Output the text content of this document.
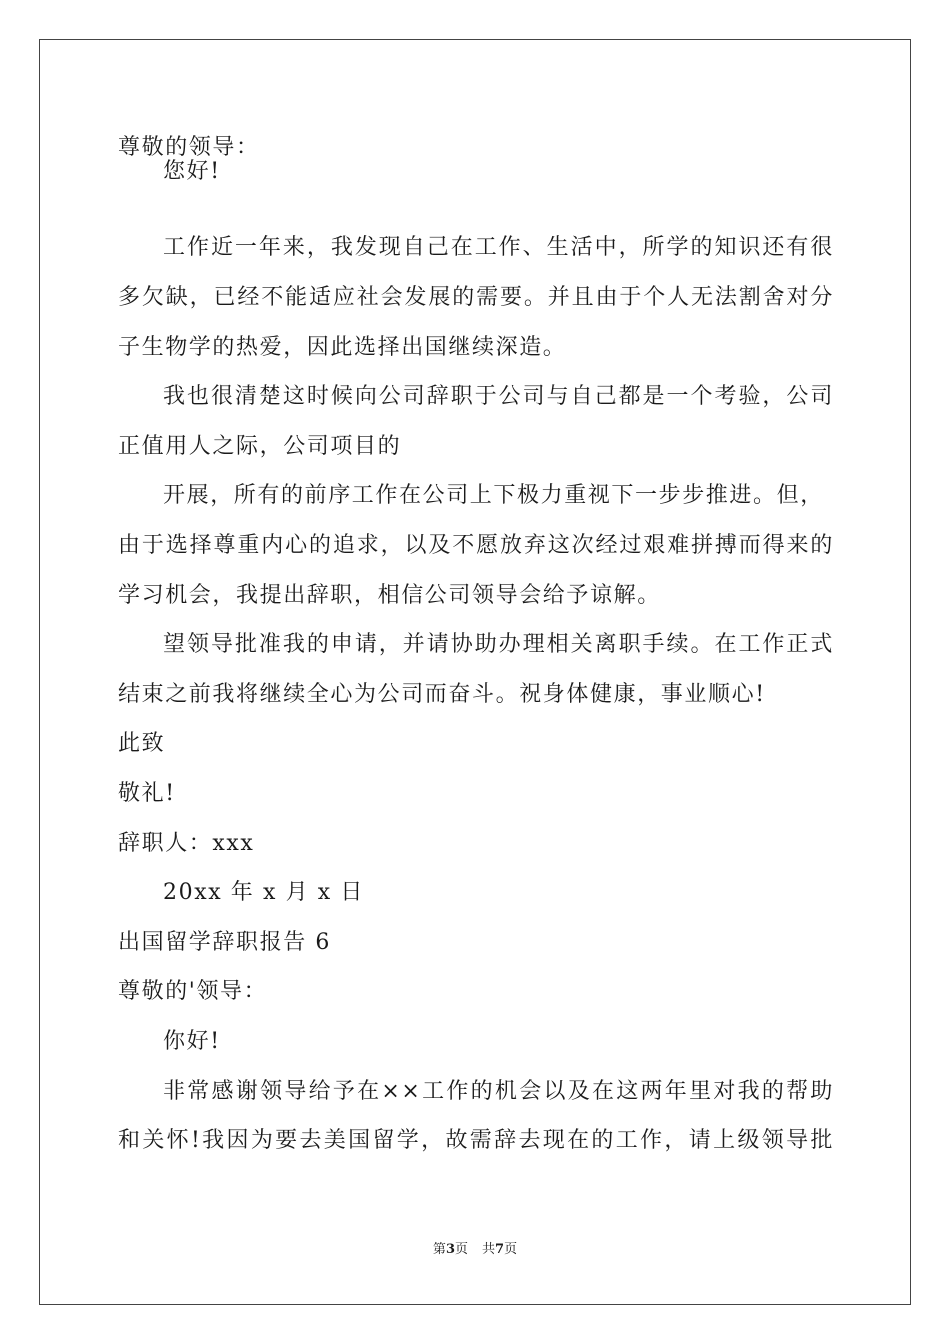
尊敬的领导：
您好!
工作近一年来，我发现自己在工作、生活中，所学的知识还有很
多欠缺，已经不能适应社会发展的需要。并且由于个人无法割舍对分
子生物学的热爱，因此选择出国继续深造。
我也很清楚这时候向公司辞职于公司与自己都是一个考验，公司
正值用人之际，公司项目的
开展，所有的前序工作在公司上下极力重视下一步步推进。但，
由于选择尊重内心的追求，以及不愿放弃这次经过艰难拼搏而得来的
学习机会，我提出辞职，相信公司领导会给予谅解。
望领导批准我的申请，并请协助办理相关离职手续。在工作正式
结束之前我将继续全心为公司而奋斗。祝身体健康，事业顺心!
此致
敬礼!
辞职人：xxx
20xx 年 x 月 x 日
出国留学辞职报告 6
尊敬的'领导：
你好!
非常感谢领导给予在××工作的机会以及在这两年里对我的帮助
和关怀!我因为要去美国留学，故需辞去现在的工作，请上级领导批
第3页 共7页
